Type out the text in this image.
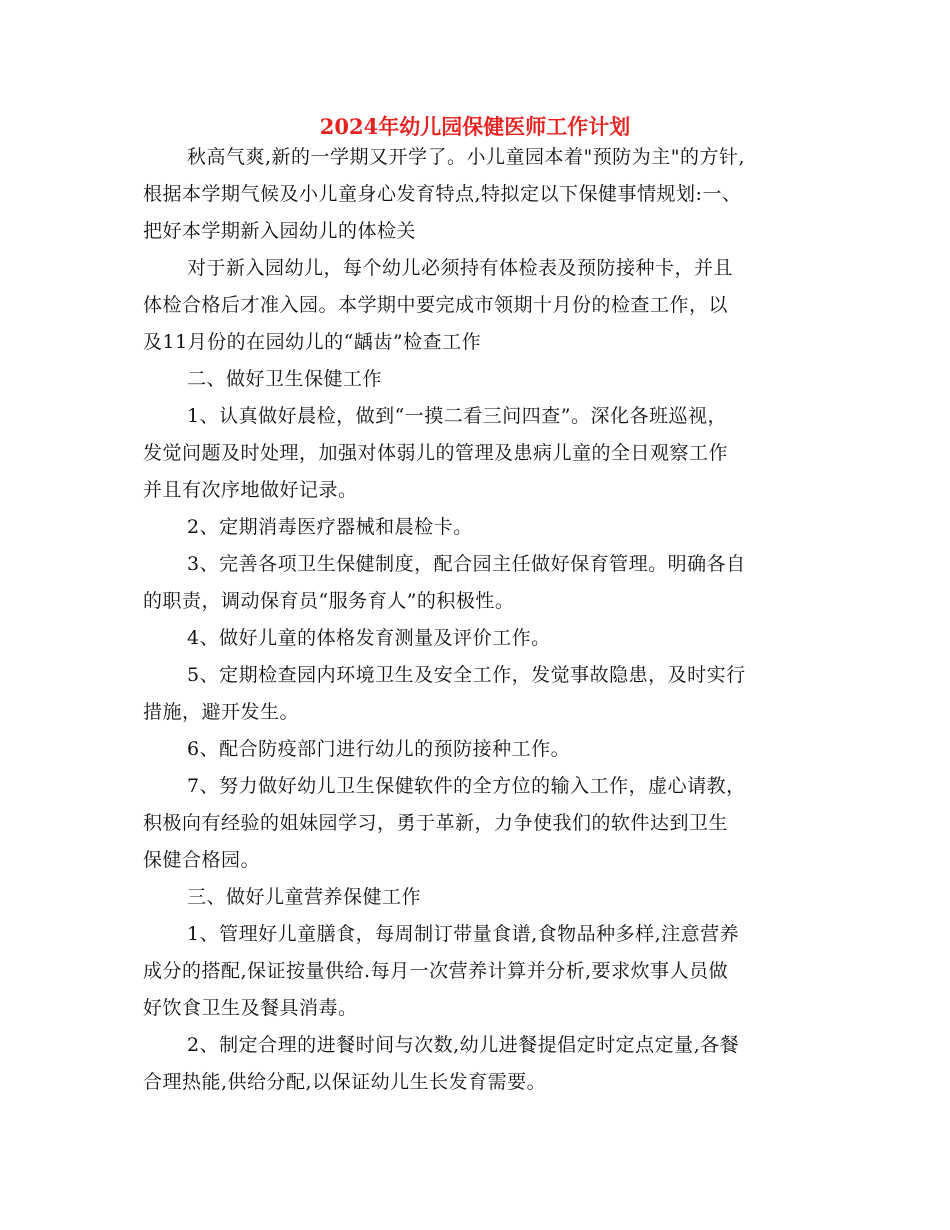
2024年幼儿园保健医师工作计划
秋高气爽,新的一学期又开学了。小儿童园本着"预防为主"的方针,
根据本学期气候及小儿童身心发育特点,特拟定以下保健事情规划:一、
把好本学期新入园幼儿的体检关
对于新入园幼儿，每个幼儿必须持有体检表及预防接种卡，并且
体检合格后才准入园。本学期中要完成市领期十月份的检查工作，以
及11月份的在园幼儿的“龋齿”检查工作
二、做好卫生保健工作
1、认真做好晨检，做到“一摸二看三问四查”。深化各班巡视，
发觉问题及时处理，加强对体弱儿的管理及患病儿童的全日观察工作
并且有次序地做好记录。
2、定期消毒医疗器械和晨检卡。
3、完善各项卫生保健制度，配合园主任做好保育管理。明确各自
的职责，调动保育员“服务育人”的积极性。
4、做好儿童的体格发育测量及评价工作。
5、定期检查园内环境卫生及安全工作，发觉事故隐患，及时实行
措施，避开发生。
6、配合防疫部门进行幼儿的预防接种工作。
7、努力做好幼儿卫生保健软件的全方位的输入工作，虚心请教，
积极向有经验的姐妹园学习，勇于革新，力争使我们的软件达到卫生
保健合格园。
三、做好儿童营养保健工作
1、管理好儿童膳食，每周制订带量食谱,食物品种多样,注意营养
成分的搭配,保证按量供给.每月一次营养计算并分析,要求炊事人员做
好饮食卫生及餐具消毒。
2、制定合理的进餐时间与次数,幼儿进餐提倡定时定点定量,各餐
合理热能,供给分配,以保证幼儿生长发育需要。
